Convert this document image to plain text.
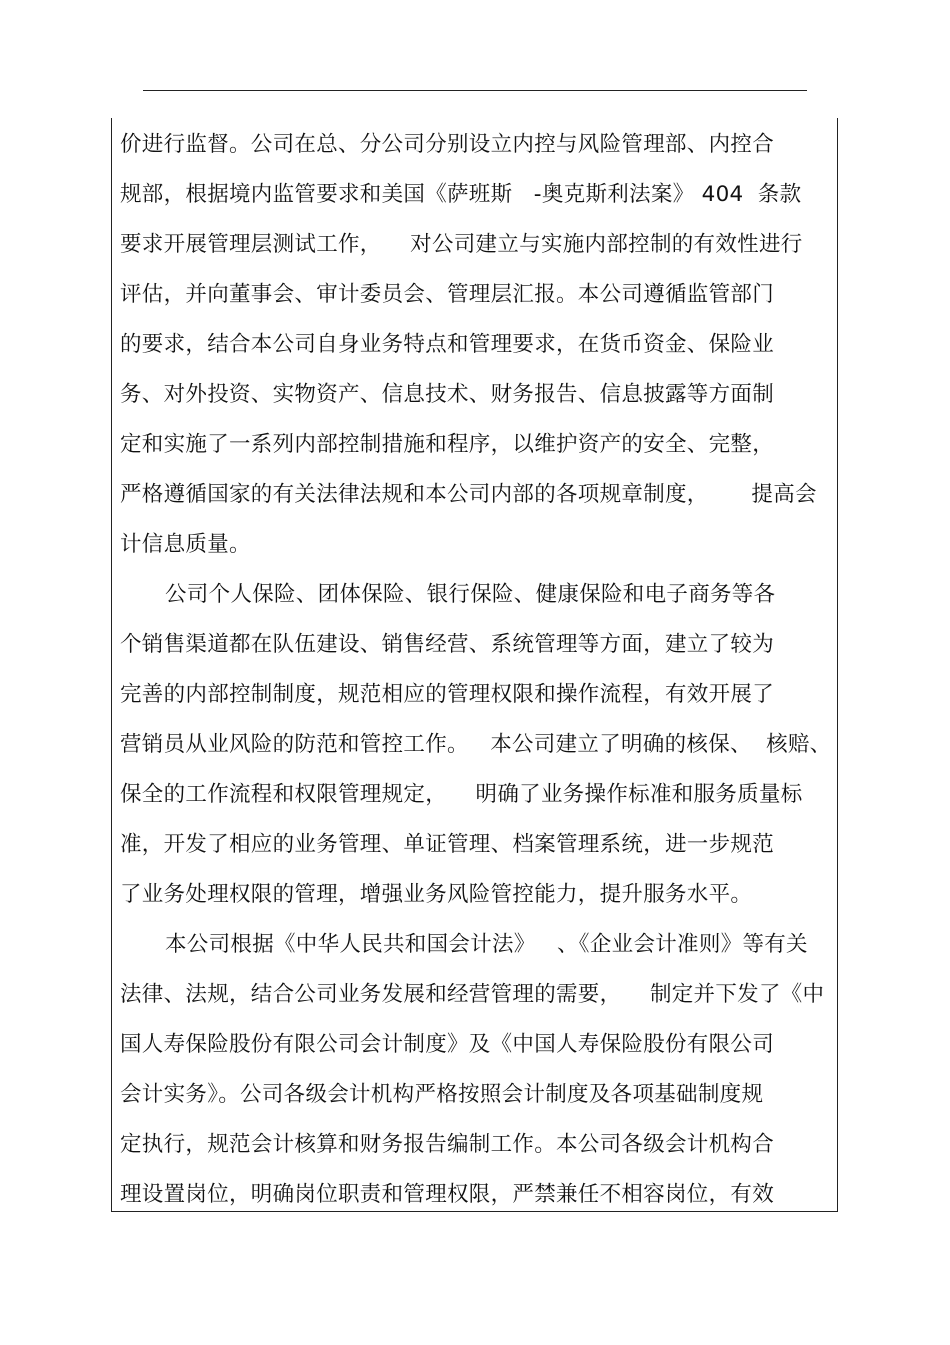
价进行监督。公司在总、分公司分别设立内控与风险管理部、内控合
规部，根据境内监管要求和美国《萨班斯   -奥克斯利法案》 404  条款
要求开展管理层测试工作，    对公司建立与实施内部控制的有效性进行
评估，并向董事会、审计委员会、管理层汇报。本公司遵循监管部门
的要求，结合本公司自身业务特点和管理要求，在货币资金、保险业
务、对外投资、实物资产、信息技术、财务报告、信息披露等方面制
定和实施了一系列内部控制措施和程序，以维护资产的安全、完整，
严格遵循国家的有关法律法规和本公司内部的各项规章制度，      提高会
计信息质量。
公司个人保险、团体保险、银行保险、健康保险和电子商务等各
个销售渠道都在队伍建设、销售经营、系统管理等方面，建立了较为
完善的内部控制制度，规范相应的管理权限和操作流程，有效开展了
营销员从业风险的防范和管控工作。   本公司建立了明确的核保、  核赔、
保全的工作流程和权限管理规定，    明确了业务操作标准和服务质量标
准，开发了相应的业务管理、单证管理、档案管理系统，进一步规范
了业务处理权限的管理，增强业务风险管控能力，提升服务水平。
本公司根据《中华人民共和国会计法》   、《企业会计准则》等有关
法律、法规，结合公司业务发展和经营管理的需要，    制定并下发了《中
国人寿保险股份有限公司会计制度》及《中国人寿保险股份有限公司
会计实务》。公司各级会计机构严格按照会计制度及各项基础制度规
定执行，规范会计核算和财务报告编制工作。本公司各级会计机构合
理设置岗位，明确岗位职责和管理权限，严禁兼任不相容岗位，有效
